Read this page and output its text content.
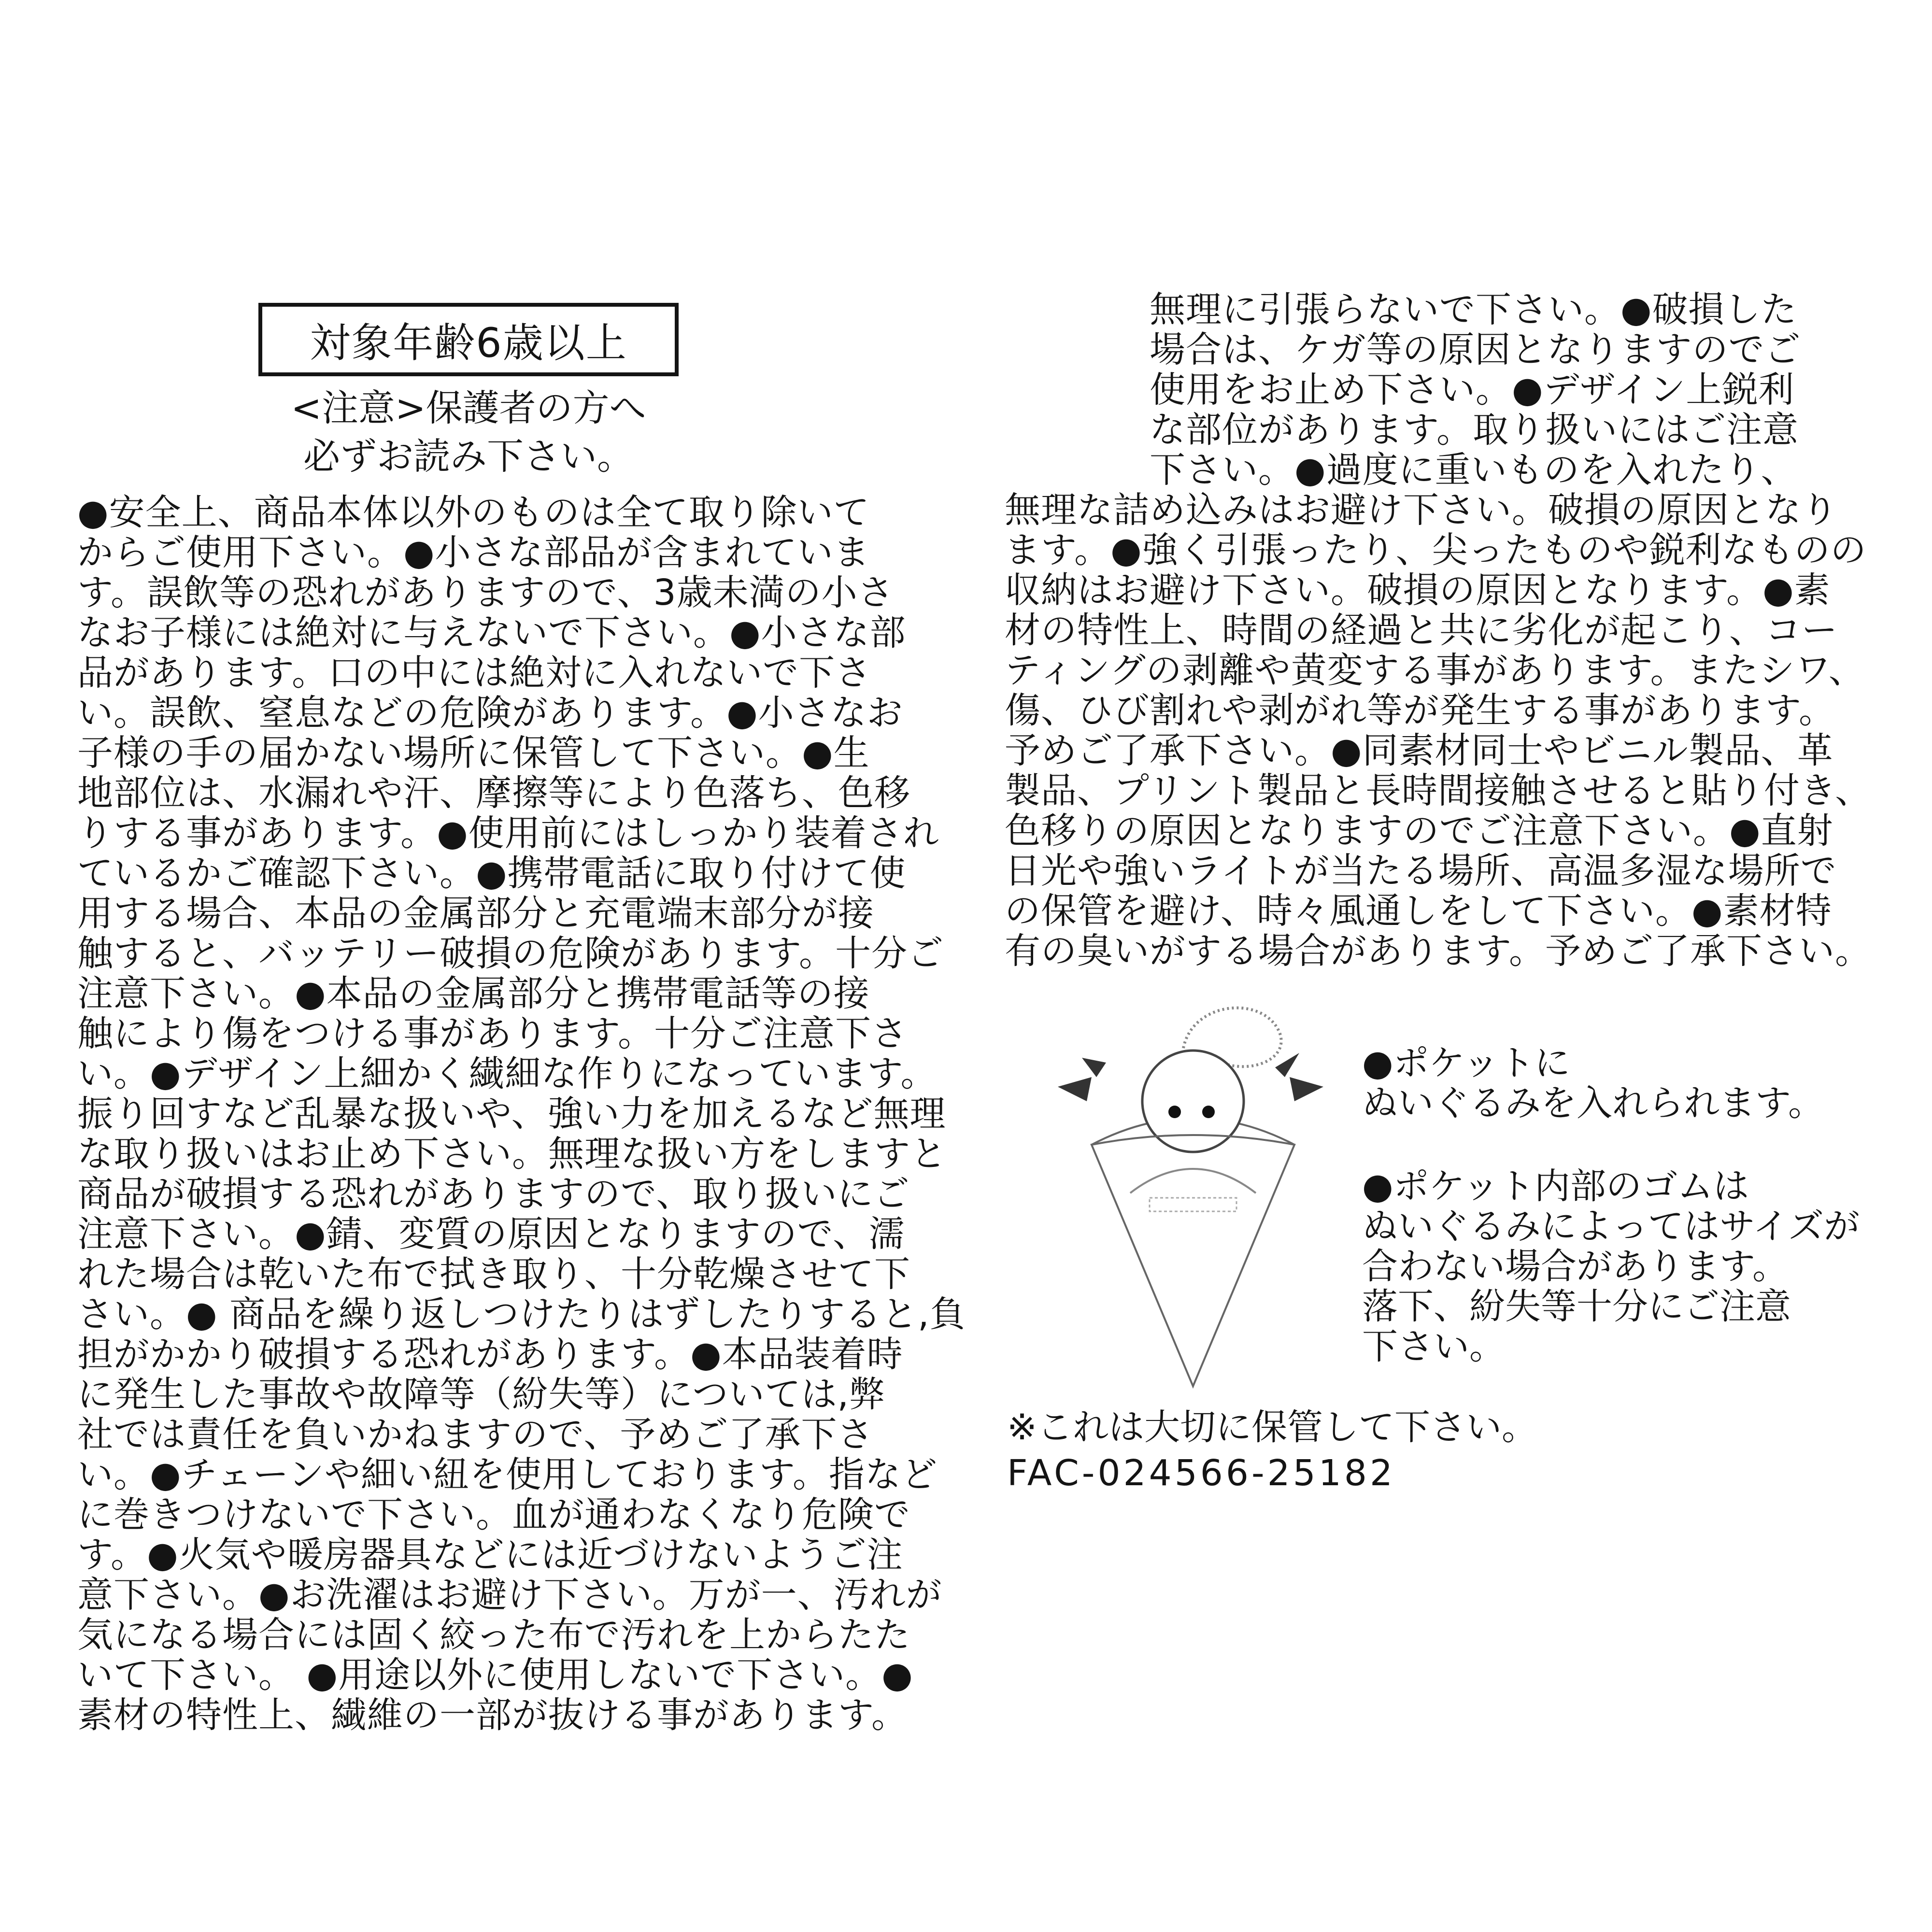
対象年齢6歳以上
<注意>保護者の方へ
必ずお読み下さい。
●安全上、商品本体以外のものは全て取り除いて
からご使用下さい。●小さな部品が含まれていま
す。誤飲等の恐れがありますので、3歳未満の小さ
なお子様には絶対に与えないで下さい。●小さな部
品があります。口の中には絶対に入れないで下さ
い。誤飲、窒息などの危険があります。●小さなお
子様の手の届かない場所に保管して下さい。●生
地部位は、水漏れや汗、摩擦等により色落ち、色移
りする事があります。●使用前にはしっかり装着され
ているかご確認下さい。●携帯電話に取り付けて使
用する場合、本品の金属部分と充電端末部分が接
触すると、バッテリー破損の危険があります。十分ご
注意下さい。●本品の金属部分と携帯電話等の接
触により傷をつける事があります。十分ご注意下さ
い。●デザイン上細かく繊細な作りになっています。
振り回すなど乱暴な扱いや、強い力を加えるなど無理
な取り扱いはお止め下さい。無理な扱い方をしますと
商品が破損する恐れがありますので、取り扱いにご
注意下さい。●錆、変質の原因となりますので、濡
れた場合は乾いた布で拭き取り、十分乾燥させて下
さい。● 商品を繰り返しつけたりはずしたりすると,負
担がかかり破損する恐れがあります。●本品装着時
に発生した事故や故障等（紛失等）については,弊
社では責任を負いかねますので、予めご了承下さ
い。●チェーンや細い紐を使用しております。指など
に巻きつけないで下さい。血が通わなくなり危険で
す。●火気や暖房器具などには近づけないようご注
意下さい。●お洗濯はお避け下さい。万が一、汚れが
気になる場合には固く絞った布で汚れを上からたた
いて下さい。 ●用途以外に使用しないで下さい。●
素材の特性上、繊維の一部が抜ける事があります。
　　　　無理に引張らないで下さい。●破損した
　　　　場合は、ケガ等の原因となりますのでご
　　　　使用をお止め下さい。●デザイン上鋭利
　　　　な部位があります。取り扱いにはご注意
　　　　下さい。●過度に重いものを入れたり、
無理な詰め込みはお避け下さい。破損の原因となり
ます。●強く引張ったり、尖ったものや鋭利なものの
収納はお避け下さい。破損の原因となります。●素
材の特性上、時間の経過と共に劣化が起こり、コー
ティングの剥離や黄変する事があります。またシワ、
傷、ひび割れや剥がれ等が発生する事があります。
予めご了承下さい。●同素材同士やビニル製品、革
製品、プリント製品と長時間接触させると貼り付き、
色移りの原因となりますのでご注意下さい。●直射
日光や強いライトが当たる場所、高温多湿な場所で
の保管を避け、時々風通しをして下さい。●素材特
有の臭いがする場合があります。予めご了承下さい。
●ポケットに
ぬいぐるみを入れられます。
●ポケット内部のゴムは
ぬいぐるみによってはサイズが
合わない場合があります。
落下、紛失等十分にご注意
下さい。
※これは大切に保管して下さい。
FAC-024566-25182
